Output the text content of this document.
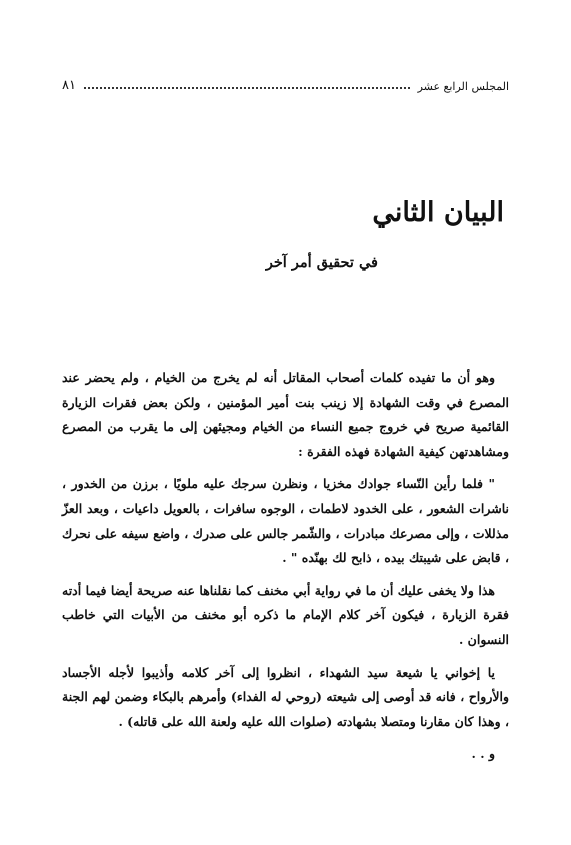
المجلس الرابع عشر
٨١
البيان الثاني
في تحقيق أمر آخر

وهو أن ما تفيده كلمات أصحاب المقاتل أنه لم يخرج من الخيام ، ولم يحضر عند المصرع في وقت الشهادة إلا زينب بنت أمير المؤمنين ، ولكن بعض فقرات الزيارة القائمية صريح في خروج جميع النساء من الخيام ومجيئهن إلى ما يقرب من المصرع ومشاهدتهن كيفية الشهادة فهذه الفقرة :

" فلما رأين النّساء جوادك مخزيا ، ونظرن سرجك عليه ملويًا ، برزن من الخدور ، ناشرات الشعور ، على الخدود لاطمات ، الوجوه سافرات ، بالعويل داعيات ، وبعد العزّ مذللات ، وإلى مصرعك مبادرات ، والشّمر جالس على صدرك ، واضع سيفه على نحرك ، قابض على شيبتك بيده ، ذابح لك بهنّده " .

هذا ولا يخفى عليك أن ما في رواية أبي مخنف كما نقلناها عنه صريحة أيضا فيما أدته فقرة الزيارة ، فيكون آخر كلام الإمام ما ذكره أبو مخنف من الأبيات التي خاطب النسوان .

يا إخواني يا شيعة سيد الشهداء ، انظروا إلى آخر كلامه وأذيبوا لأجله الأجساد والأرواح ، فانه قد أوصى إلى شيعته (روحي له الفداء) وأمرهم بالبكاء وضمن لهم الجنة ، وهذا كان مقارنا ومتصلا بشهادته (صلوات الله عليه ولعنة الله على قاتله) .

و . .
